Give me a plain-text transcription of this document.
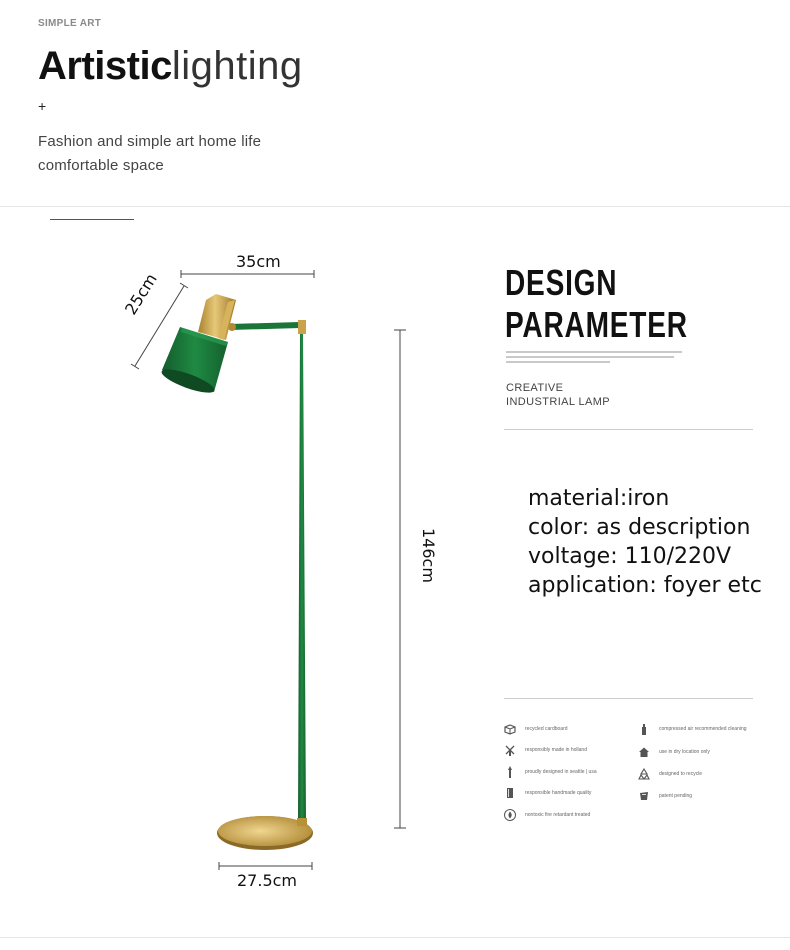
SIMPLE ART
Artisticlighting
+
Fashion and simple art home life
comfortable space
35cm
25cm
146cm
27.5cm
DESIGN
PARAMETER
CREATIVE
INDUSTRIAL LAMP
material:iron
color: as description
voltage: 110/220V
application: foyer etc
recycled cardboard
responsibly made in holland
proudly designed in seattle | usa
responsible handmade quality
nontoxic fire retardant treated
compressed air recommended cleaning
use in dry location only
designed to recycle
patent pending
